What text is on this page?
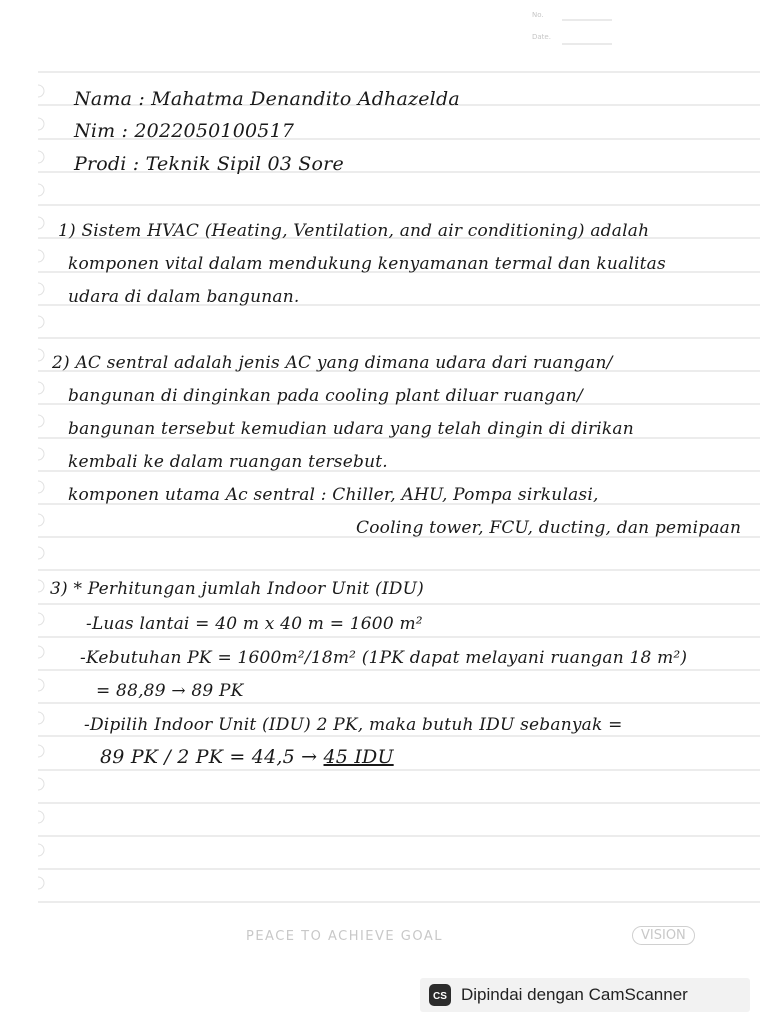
No.
Date.
Nama : Mahatma Denandito Adhazelda
Nim : 2022050100517
Prodi : Teknik Sipil 03 Sore
1) Sistem HVAC (Heating, Ventilation, and air conditioning) adalah
komponen vital dalam mendukung kenyamanan termal dan kualitas
udara di dalam bangunan.
2) AC sentral adalah jenis AC yang dimana udara dari ruangan/
bangunan di dinginkan pada cooling plant diluar ruangan/
bangunan tersebut kemudian udara yang telah dingin di dirikan
kembali ke dalam ruangan tersebut.
komponen utama Ac sentral : Chiller, AHU, Pompa sirkulasi,
Cooling tower, FCU, ducting, dan pemipaan
3) * Perhitungan jumlah Indoor Unit (IDU)
-Luas lantai = 40 m x 40 m = 1600 m²
-Kebutuhan PK = 1600m²/18m² (1PK dapat melayani ruangan 18 m²)
= 88,89 → 89 PK
-Dipilih Indoor Unit (IDU) 2 PK, maka butuh IDU sebanyak =
89 PK / 2 PK = 44,5 → 45 IDU
PEACE TO ACHIEVE GOAL	VISION
CS Dipindai dengan CamScanner
